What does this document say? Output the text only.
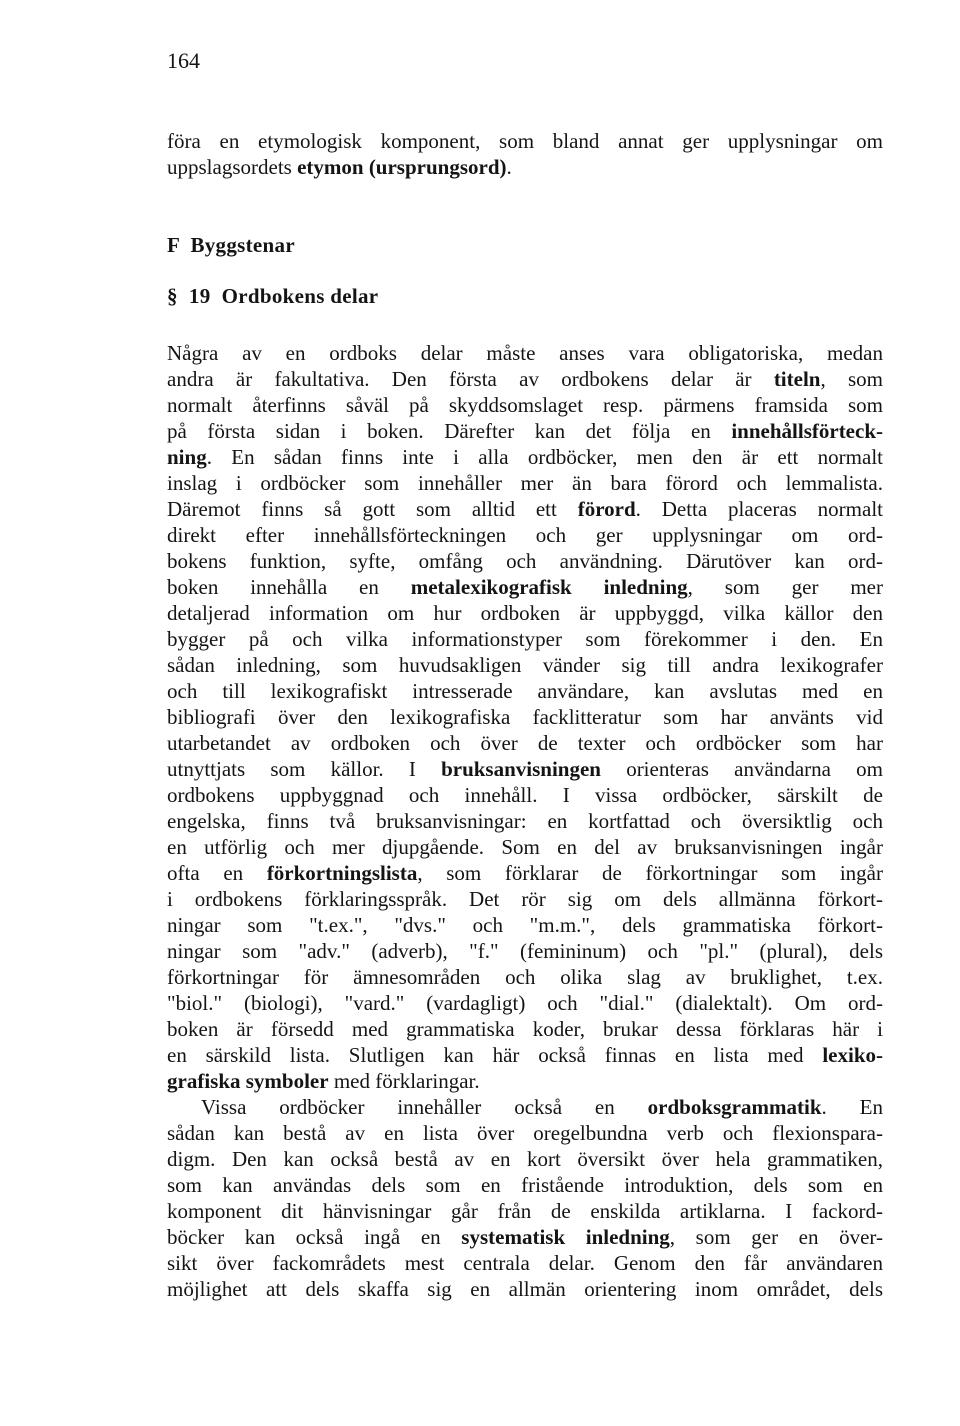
164
föra en etymologisk komponent, som bland annat ger upplysningar om
uppslagsordets etymon (ursprungsord).
F  Byggstenar
§  19  Ordbokens delar
Några av en ordboks delar måste anses vara obligatoriska, medan
andra är fakultativa. Den första av ordbokens delar är titeln, som
normalt återfinns såväl på skyddsomslaget resp. pärmens framsida som
på första sidan i boken. Därefter kan det följa en innehållsförteck-
ning. En sådan finns inte i alla ordböcker, men den är ett normalt
inslag i ordböcker som innehåller mer än bara förord och lemmalista.
Däremot finns så gott som alltid ett förord. Detta placeras normalt
direkt efter innehållsförteckningen och ger upplysningar om ord-
bokens funktion, syfte, omfång och användning. Därutöver kan ord-
boken innehålla en metalexikografisk inledning, som ger mer
detaljerad information om hur ordboken är uppbyggd, vilka källor den
bygger på och vilka informationstyper som förekommer i den. En
sådan inledning, som huvudsakligen vänder sig till andra lexikografer
och till lexikografiskt intresserade användare, kan avslutas med en
bibliografi över den lexikografiska facklitteratur som har använts vid
utarbetandet av ordboken och över de texter och ordböcker som har
utnyttjats som källor. I bruksanvisningen orienteras användarna om
ordbokens uppbyggnad och innehåll. I vissa ordböcker, särskilt de
engelska, finns två bruksanvisningar: en kortfattad och översiktlig och
en utförlig och mer djupgående. Som en del av bruksanvisningen ingår
ofta en förkortningslista, som förklarar de förkortningar som ingår
i ordbokens förklaringsspråk. Det rör sig om dels allmänna förkort-
ningar som "t.ex.", "dvs." och "m.m.", dels grammatiska förkort-
ningar som "adv." (adverb), "f." (femininum) och "pl." (plural), dels
förkortningar för ämnesområden och olika slag av bruklighet, t.ex.
"biol." (biologi), "vard." (vardagligt) och "dial." (dialektalt). Om ord-
boken är försedd med grammatiska koder, brukar dessa förklaras här i
en särskild lista. Slutligen kan här också finnas en lista med lexiko-
grafiska symboler med förklaringar.
Vissa ordböcker innehåller också en ordboksgrammatik. En
sådan kan bestå av en lista över oregelbundna verb och flexionspara-
digm. Den kan också bestå av en kort översikt över hela grammatiken,
som kan användas dels som en fristående introduktion, dels som en
komponent dit hänvisningar går från de enskilda artiklarna. I fackord-
böcker kan också ingå en systematisk inledning, som ger en över-
sikt över fackområdets mest centrala delar. Genom den får användaren
möjlighet att dels skaffa sig en allmän orientering inom området, dels
